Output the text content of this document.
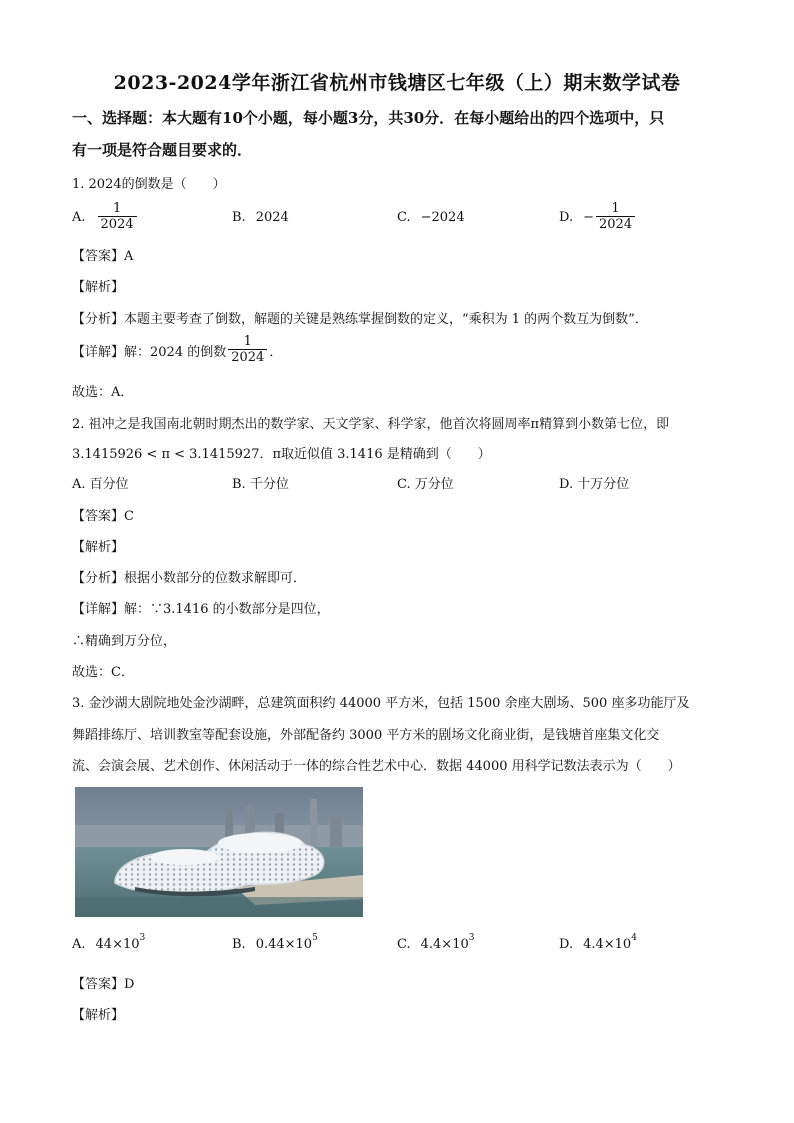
2023-2024学年浙江省杭州市钱塘区七年级（上）期末数学试卷
一、选择题：本大题有10个小题，每小题3分，共30分．在每小题给出的四个选项中，只
有一项是符合题目要求的．
1. 2024的倒数是（　　）
A. $\frac{1}{2024}$	B. 2024	C. −2024	D. − $\frac{1}{2024}$
【答案】A
【解析】
【分析】本题主要考查了倒数，解题的关键是熟练掌握倒数的定义，“乘积为 1 的两个数互为倒数”．
【详解】解：2024 的倒数 $\frac{1}{2024}$ ．
故选：A．
2. 祖冲之是我国南北朝时期杰出的数学家、天文学家、科学家，他首次将圆周率π精算到小数第七位，即
3.1415926 < π < 3.1415927．π取近似值 3.1416 是精确到（　　）
A. 百分位	B. 千分位	C. 万分位	D. 十万分位
【答案】C
【解析】
【分析】根据小数部分的位数求解即可．
【详解】解：∵3.1416 的小数部分是四位，
∴精确到万分位，
故选：C．
3. 金沙湖大剧院地处金沙湖畔，总建筑面积约 44000 平方米，包括 1500 余座大剧场、500 座多功能厅及
舞蹈排练厅、培训教室等配套设施，外部配备约 3000 平方米的剧场文化商业街，是钱塘首座集文化交
流、会演会展、艺术创作、休闲活动于一体的综合性艺术中心．数据 44000 用科学记数法表示为（　　）
A. 44×10 3	B. 0.44×10 5	C. 4.4×10 3	D. 4.4×10 4
【答案】D
【解析】
